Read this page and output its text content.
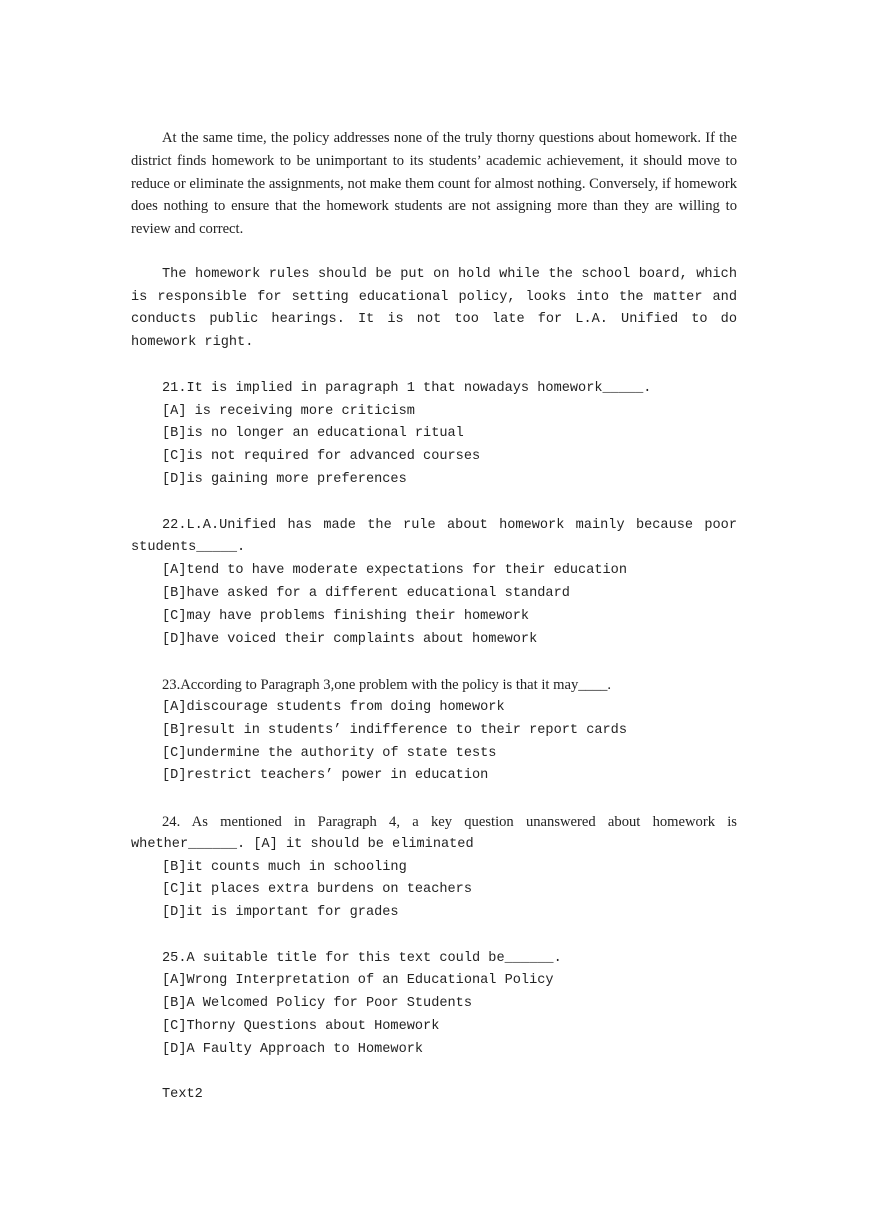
At the same time, the policy addresses none of the truly thorny questions about homework. If the district finds homework to be unimportant to its students’ academic achievement, it should move to reduce or eliminate the assignments, not make them count for almost nothing. Conversely, if homework does nothing to ensure that the homework students are not assigning more than they are willing to review and correct.

The homework rules should be put on hold while the school board, which is responsible for setting educational policy, looks into the matter and conducts public hearings. It is not too late for L.A. Unified to do homework right.

21.It is implied in paragraph 1 that nowadays homework_____.

[A] is receiving more criticism

[B]is no longer an educational ritual

[C]is not required for advanced courses

[D]is gaining more preferences

22.L.A.Unified has made the rule about homework mainly because poor students_____.

[A]tend to have moderate expectations for their education

[B]have asked for a different educational standard

[C]may have problems finishing their homework

[D]have voiced their complaints about homework

23.According to Paragraph 3,one problem with the policy is that it may____.

[A]discourage students from doing homework

[B]result in students’ indifference to their report cards

[C]undermine the authority of state tests

[D]restrict teachers’ power in education

24. As mentioned in Paragraph 4, a key question unanswered about homework is

whether______. [A] it should be eliminated

[B]it counts much in schooling

[C]it places extra burdens on teachers

[D]it is important for grades

25.A suitable title for this text could be______.

[A]Wrong Interpretation of an Educational Policy

[B]A Welcomed Policy for Poor Students

[C]Thorny Questions about Homework

[D]A Faulty Approach to Homework

Text2
